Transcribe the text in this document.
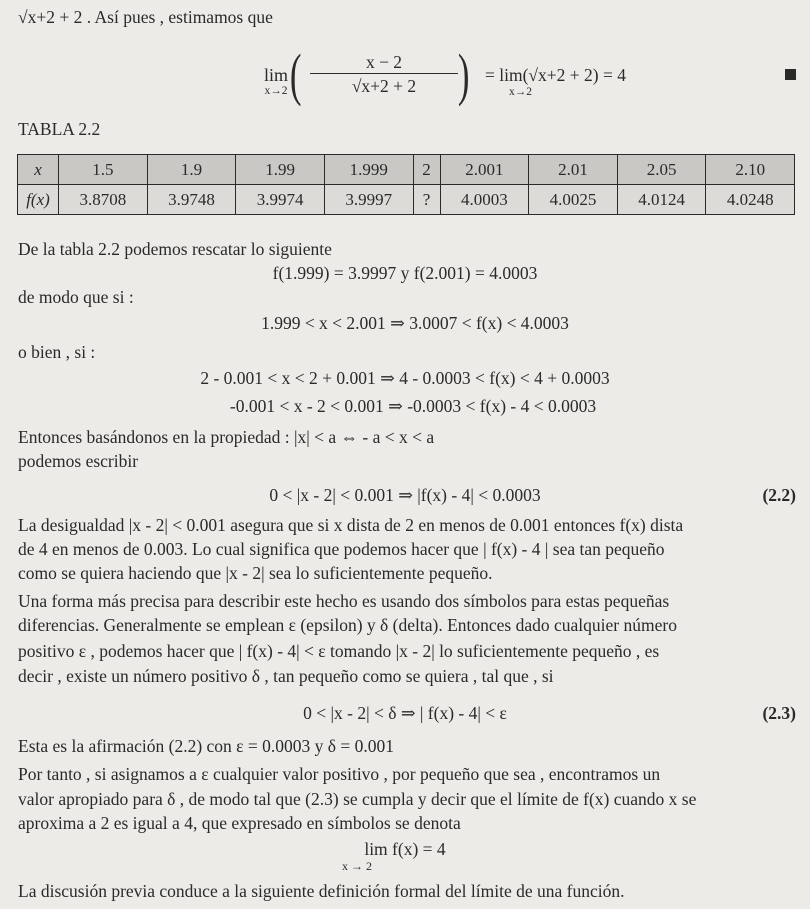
√x+2 + 2 . Así pues , estimamos que
lim
x→2 ( $\frac{x - 2}{√x+2 + 2}$ ) = lim(√x+2 + 2) = 4
x→2
TABLA 2.2
x	1.5	1.9	1.99	1.999	2	2.001	2.01	2.05	2.10
f(x)	3.8708	3.9748	3.9974	3.9997	?	4.0003	4.0025	4.0124	4.0248
De la tabla 2.2 podemos rescatar lo siguiente
f(1.999) = 3.9997 y f(2.001) = 4.0003
de modo que si :
1.999 < x < 2.001 ⇒ 3.0007 < f(x) < 4.0003
o bien , si :
2 - 0.001 < x < 2 + 0.001 ⇒ 4 - 0.0003 < f(x) < 4 + 0.0003
-0.001 < x - 2 < 0.001 ⇒ -0.0003 < f(x) - 4 < 0.0003
Entonces basándonos en la propiedad : |x| < a ⇔ - a < x < a
podemos escribir
0 < |x - 2| < 0.001 ⇒ |f(x) - 4| < 0.0003	(2.2)
La desigualdad |x - 2| < 0.001 asegura que si x dista de 2 en menos de 0.001 entonces f(x) dista
de 4 en menos de 0.003. Lo cual significa que podemos hacer que | f(x) - 4 | sea tan pequeño
como se quiera haciendo que |x - 2| sea lo suficientemente pequeño.
Una forma más precisa para describir este hecho es usando dos símbolos para estas pequeñas
diferencias. Generalmente se emplean ε (epsilon) y δ (delta). Entonces dado cualquier número
positivo ε , podemos hacer que | f(x) - 4| < ε tomando |x - 2| lo suficientemente pequeño , es
decir , existe un número positivo δ , tan pequeño como se quiera , tal que , si
0 < |x - 2| < δ ⇒ | f(x) - 4| < ε	(2.3)
Esta es la afirmación (2.2) con ε = 0.0003 y δ = 0.001
Por tanto , si asignamos a ε cualquier valor positivo , por pequeño que sea , encontramos un
valor apropiado para δ , de modo tal que (2.3) se cumpla y decir que el límite de f(x) cuando x se
aproxima a 2 es igual a 4, que expresado en símbolos se denota
lim f(x) = 4
x → 2
La discusión previa conduce a la siguiente definición formal del límite de una función.
